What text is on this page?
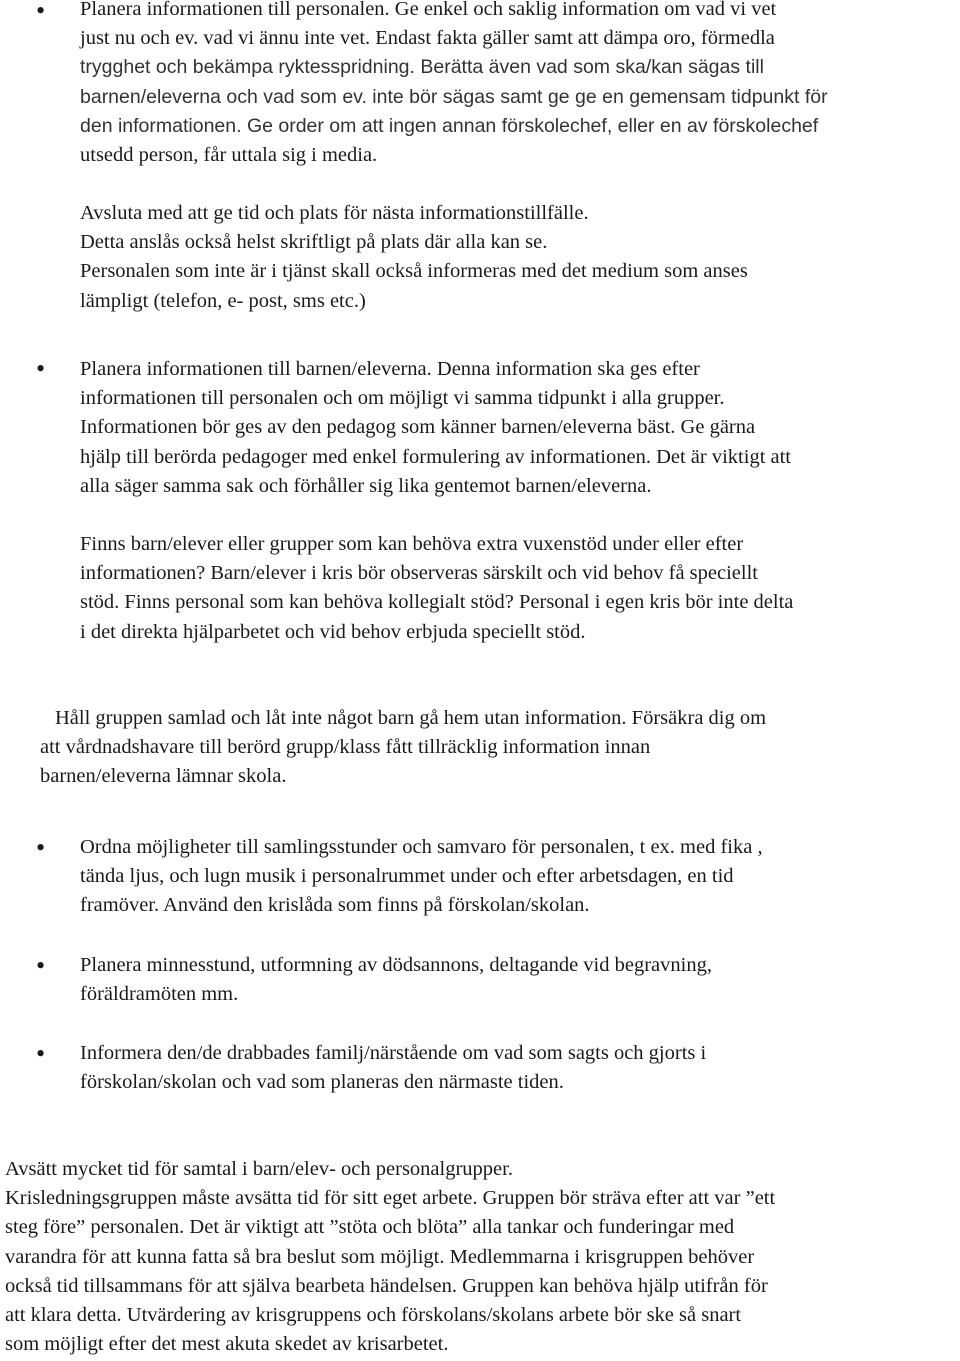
• Planera informationen till personalen. Ge enkel och saklig information om vad vi vet

just nu och ev. vad vi ännu inte vet. Endast fakta gäller samt att dämpa oro, förmedla

trygghet och bekämpa ryktesspridning. Berätta även vad som ska/kan sägas till

barnen/eleverna och vad som ev. inte bör sägas samt ge ge en gemensam tidpunkt för

den informationen. Ge order om att ingen annan förskolechef, eller en av förskolechef

utsedd person, får uttala sig i media.

Avsluta med att ge tid och plats för nästa informationstillfälle.

Detta anslås också helst skriftligt på plats där alla kan se.

Personalen som inte är i tjänst skall också informeras med det medium som anses

lämpligt (telefon, e- post, sms etc.)

• Planera informationen till barnen/eleverna. Denna information ska ges efter

informationen till personalen och om möjligt vi samma tidpunkt i alla grupper.

Informationen bör ges av den pedagog som känner barnen/eleverna bäst. Ge gärna

hjälp till berörda pedagoger med enkel formulering av informationen. Det är viktigt att

alla säger samma sak och förhåller sig lika gentemot barnen/eleverna.

Finns barn/elever eller grupper som kan behöva extra vuxenstöd under eller efter

informationen? Barn/elever i kris bör observeras särskilt och vid behov få speciellt

stöd. Finns personal som kan behöva kollegialt stöd? Personal i egen kris bör inte delta

i det direkta hjälparbetet och vid behov erbjuda speciellt stöd.

Håll gruppen samlad och låt inte något barn gå hem utan information. Försäkra dig om

att vårdnadshavare till berörd grupp/klass fått tillräcklig information innan

barnen/eleverna lämnar skola.

• Ordna möjligheter till samlingsstunder och samvaro för personalen, t ex. med fika ,

tända ljus, och lugn musik i personalrummet under och efter arbetsdagen, en tid

framöver. Använd den krislåda som finns på förskolan/skolan.

• Planera minnesstund, utformning av dödsannons, deltagande vid begravning,

föräldramöten mm.

• Informera den/de drabbades familj/närstående om vad som sagts och gjorts i

förskolan/skolan och vad som planeras den närmaste tiden.

Avsätt mycket tid för samtal i barn/elev- och personalgrupper.

Krisledningsgruppen måste avsätta tid för sitt eget arbete. Gruppen bör sträva efter att var ”ett

steg före” personalen. Det är viktigt att ”stöta och blöta” alla tankar och funderingar med

varandra för att kunna fatta så bra beslut som möjligt. Medlemmarna i krisgruppen behöver

också tid tillsammans för att själva bearbeta händelsen. Gruppen kan behöva hjälp utifrån för

att klara detta. Utvärdering av krisgruppens och förskolans/skolans arbete bör ske så snart

som möjligt efter det mest akuta skedet av krisarbetet.
